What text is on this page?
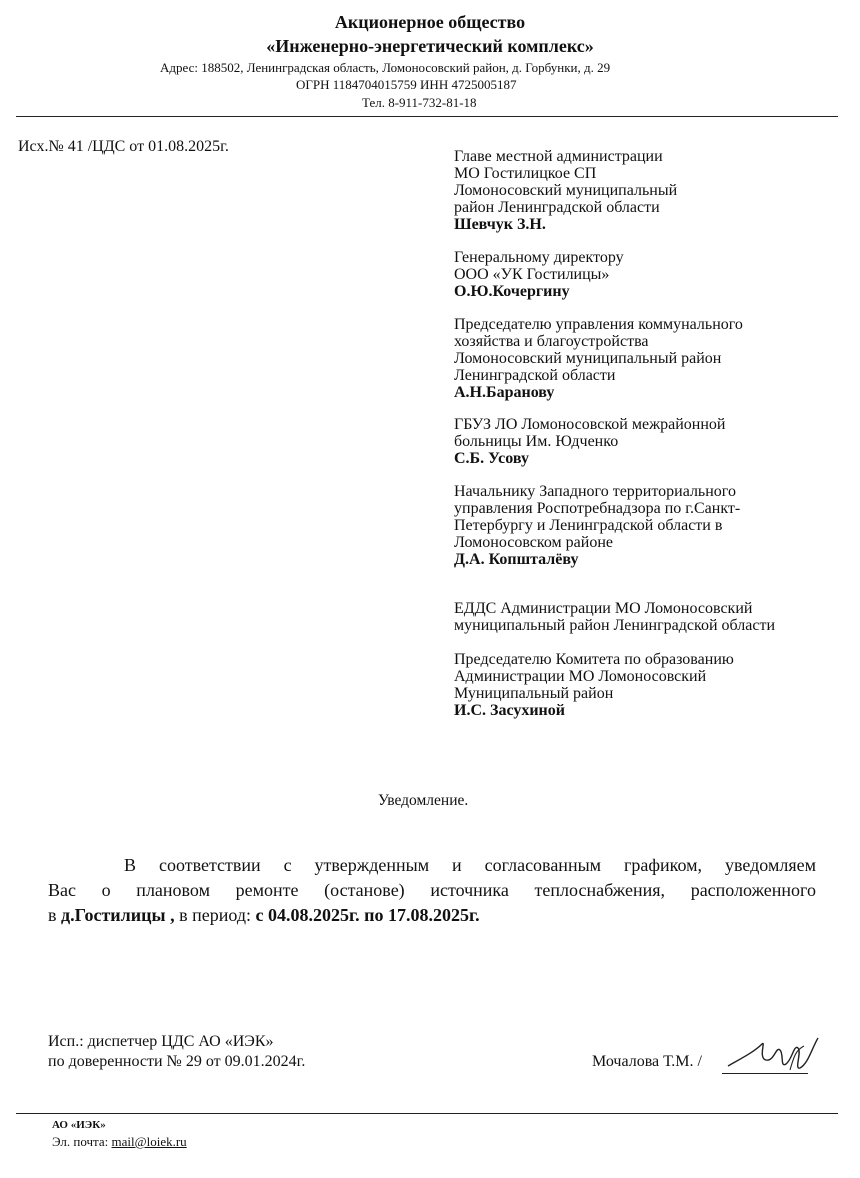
Акционерное общество
«Инженерно-энергетический комплекс»
Адрес: 188502, Ленинградская область, Ломоносовский район, д. Горбунки, д. 29
ОГРН 1184704015759 ИНН 4725005187
Тел. 8-911-732-81-18
Исх.№ 41 /ЦДС от 01.08.2025г.
Главе местной администрации
МО Гостилицкое СП
Ломоносовский муниципальный
район Ленинградской области
Шевчук З.Н.
Генеральному директору
ООО «УК Гостилицы»
О.Ю.Кочергину
Председателю управления коммунального
хозяйства и благоустройства
Ломоносовский муниципальный район
Ленинградской области
А.Н.Баранову
ГБУЗ ЛО Ломоносовской межрайонной
больницы Им. Юдченко
С.Б. Усову
Начальнику Западного территориального
управления Роспотребнадзора по г.Санкт-
Петербургу и Ленинградской области в
Ломоносовском районе
Д.А. Копшталёву
ЕДДС Администрации МО Ломоносовский
муниципальный район Ленинградской области
Председателю Комитета по образованию
Администрации МО Ломоносовский
Муниципальный район
И.С. Засухиной
Уведомление.
В соответствии с утвержденным и согласованным графиком, уведомляем
Вас о плановом ремонте (останове) источника теплоснабжения, расположенного
в д.Гостилицы , в период: с 04.08.2025г. по 17.08.2025г.
Исп.: диспетчер ЦДС АО «ИЭК»
по доверенности № 29 от 09.01.2024г.	Мочалова Т.М. /
АО «ИЭК»
Эл. почта: mail@loiek.ru
